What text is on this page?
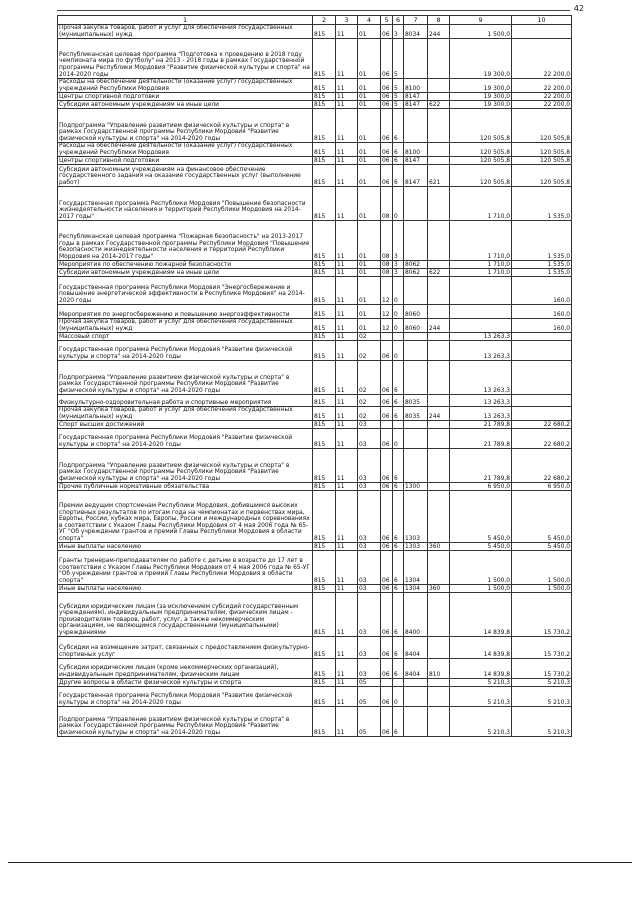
42
1	2	3	4	5	6	7	8	9	10
Прочая закупка товаров, работ и услуг для обеспечения государственных (муниципальных) нужд	815	11	01	06	3	8034	244	1 500,0	
Республиканская целевая программа "Подготовка к проведению в 2018 году чемпионата мира по футболу" на 2013 - 2018 годы в рамках Государственной программы Республики Мордовия "Развитие физической культуры и спорта" на 2014-2020 годы	815	11	01	06	5			19 300,0	22 200,0
Расходы на обеспечение деятельности (оказание услуг) государственных учреждений Республики Мордовия	815	11	01	06	5	8100		19 300,0	22 200,0
Центры спортивной подготовки	815	11	01	06	5	8147		19 300,0	22 200,0
Субсидии автономным учреждениям на иные цели	815	11	01	06	5	8147	622	19 300,0	22 200,0
Подпрограмма "Управление развитием физической культуры и спорта" в рамках Государственной программы Республики Мордовия "Развитие физической культуры и спорта" на 2014-2020 годы	815	11	01	06	6			120 505,8	120 505,8
Расходы на обеспечение деятельности (оказание услуг) государственных учреждений Республики Мордовия	815	11	01	06	6	8100		120 505,8	120 505,8
Центры спортивной подготовки	815	11	01	06	6	8147		120 505,8	120 505,8
Субсидии автономным учреждениям на финансовое обеспечение государственного задания на оказание государственных услуг (выполнение работ)	815	11	01	06	6	8147	621	120 505,8	120 505,8
Государственная программа Республики Мордовия "Повышение безопасности жизнедеятельности населения и территорий Республики Мордовия на 2014-2017 годы"	815	11	01	08	0			1 710,0	1 535,0
Республиканская целевая программа "Пожарная безопасность" на 2013-2017 годы в рамках Государственной программы Республики Мордовия "Повышение безопасности жизнедеятельности населения и территорий Республики Мордовия на 2014-2017 годы"	815	11	01	08	3			1 710,0	1 535,0
Мероприятия по обеспечению пожарной безопасности	815	11	01	08	3	8062		1 710,0	1 535,0
Субсидии автономным учреждениям на иные цели	815	11	01	08	3	8062	622	1 710,0	1 535,0
Государственная программа Республики Мордовия "Энергосбережение и повышение энергетической эффективности в Республике Мордовия" на 2014-2020 годы	815	11	01	12	0				160,0
Мероприятия по энергосбережению и повышению энергоэффективности	815	11	01	12	0	8060			160,0
Прочая закупка товаров, работ и услуг для обеспечения государственных (муниципальных) нужд	815	11	01	12	0	8060	244		160,0
Массовый спорт	815	11	02					13 263,3	
Государственная программа Республики Мордовия "Развитие физической культуры и спорта" на 2014-2020 годы	815	11	02	06	0			13 263,3	
Подпрограмма "Управление развитием физической культуры и спорта" в рамках Государственной программы Республики Мордовия "Развитие физической культуры и спорта" на 2014-2020 годы	815	11	02	06	6			13 263,3	
Физкультурно-оздоровительная работа и спортивные мероприятия	815	11	02	06	6	8035		13 263,3	
Прочая закупка товаров, работ и услуг для обеспечения государственных (муниципальных) нужд	815	11	02	06	6	8035	244	13 263,3	
Спорт высших достижений	815	11	03					21 789,8	22 680,2
Государственная программа Республики Мордовия "Развитие физической культуры и спорта" на 2014-2020 годы	815	11	03	06	0			21 789,8	22 680,2
Подпрограмма "Управление развитием физической культуры и спорта" в рамках Государственной программы Республики Мордовия "Развитие физической культуры и спорта" на 2014-2020 годы	815	11	03	06	6			21 789,8	22 680,2
Прочие публичные нормативные обязательства	815	11	03	06	6	1300		6 950,0	6 950,0
Премии ведущим спортсменам Республики Мордовия, добившимся высоких спортивных результатов по итогам года на чемпионатах и первенствах мира, Европы, России, кубках мира, Европы, России и международных соревнованиях в соответствии с Указом Главы Республики Мордовия от 4 мая 2006 года № 65-УГ "Об учреждении грантов и премий Главы Республики Мордовия в области спорта"	815	11	03	06	6	1303		5 450,0	5 450,0
Иные выплаты населению	815	11	03	06	6	1303	360	5 450,0	5 450,0
Гранты тренерам-преподавателям по работе с детьми в возрасте до 17 лет в соответствии с Указом Главы Республики Мордовия от 4 мая 2006 года № 65-УГ "Об учреждении грантов и премий Главы Республики Мордовия в области спорта"	815	11	03	06	6	1304		1 500,0	1 500,0
Иные выплаты населению	815	11	03	06	6	1304	360	1 500,0	1 500,0
Субсидии юридическим лицам (за исключением субсидий государственным учреждениям), индивидуальным предпринимателям, физическим лицам - производителям товаров, работ, услуг, а также некоммерческим организациям, не являющимся государственными (муниципальными) учреждениями	815	11	03	06	6	8400		14 839,8	15 730,2
Субсидии на возмещение затрат, связанных с предоставлением физкультурно-спортивных услуг	815	11	03	06	6	8404		14 839,8	15 730,2
Субсидии юридическим лицам (кроме некоммерческих организаций), индивидуальным предпринимателям, физическим лицам	815	11	03	06	6	8404	810	14 839,8	15 730,2
Другие вопросы в области физической культуры и спорта	815	11	05					5 210,3	5 210,3
Государственная программа Республики Мордовия "Развитие физической культуры и спорта" на 2014-2020 годы	815	11	05	06	0			5 210,3	5 210,3
Подпрограмма "Управление развитием физической культуры и спорта" в рамках Государственной программы Республики Мордовия "Развитие физической культуры и спорта" на 2014-2020 годы	815	11	05	06	6			5 210,3	5 210,3
